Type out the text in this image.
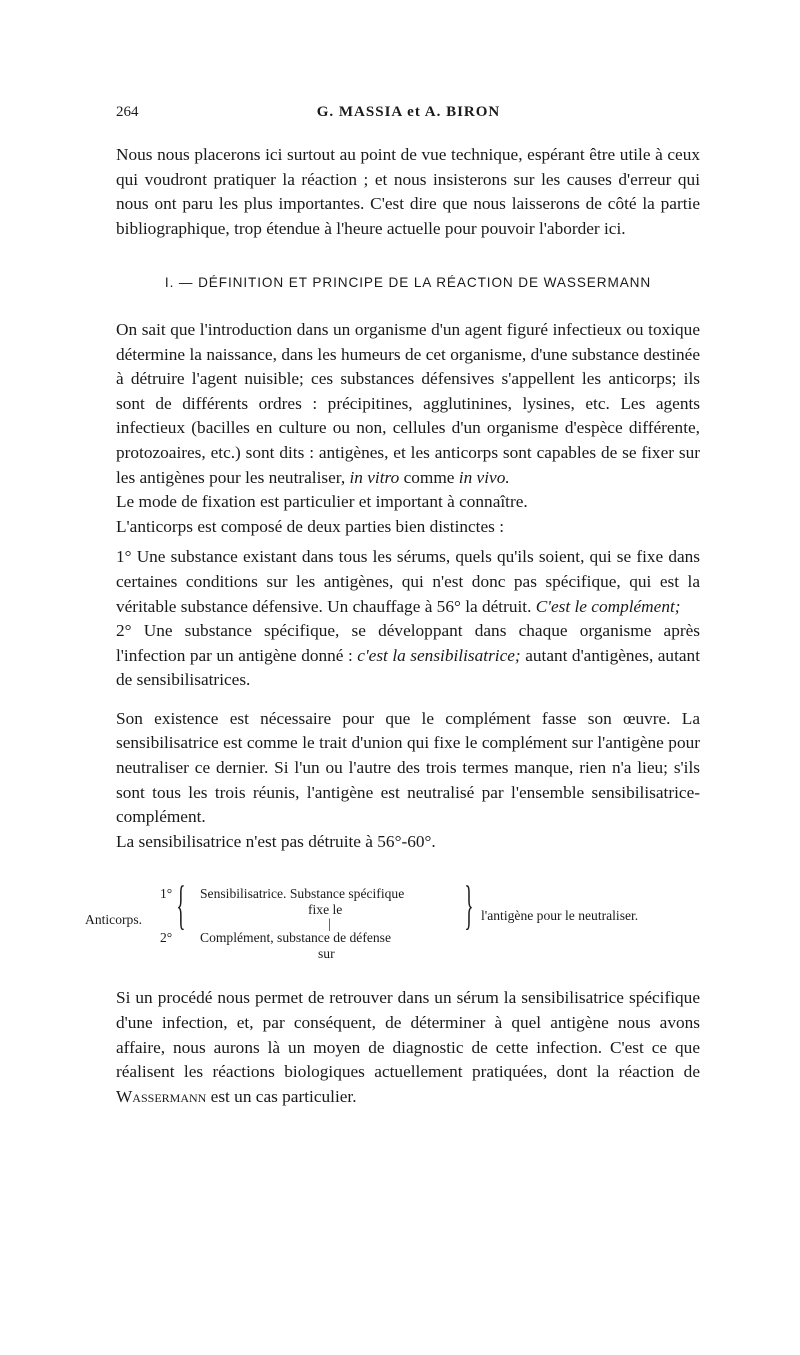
264	G. MASSIA et A. BIRON

Nous nous placerons ici surtout au point de vue technique, espérant être utile à ceux qui voudront pratiquer la réaction ; et nous insisterons sur les causes d'erreur qui nous ont paru les plus importantes. C'est dire que nous laisserons de côté la partie bibliographique, trop étendue à l'heure actuelle pour pouvoir l'aborder ici.

I. — DÉFINITION ET PRINCIPE DE LA RÉACTION DE WASSERMANN

On sait que l'introduction dans un organisme d'un agent figuré infectieux ou toxique détermine la naissance, dans les humeurs de cet organisme, d'une substance destinée à détruire l'agent nuisible; ces substances défensives s'appellent les anticorps; ils sont de différents ordres : précipitines, agglutinines, lysines, etc. Les agents infectieux (bacilles en culture ou non, cellules d'un organisme d'espèce différente, protozoaires, etc.) sont dits : antigènes, et les anticorps sont capables de se fixer sur les antigènes pour les neutraliser, in vitro comme in vivo.

Le mode de fixation est particulier et important à connaître.

L'anticorps est composé de deux parties bien distinctes :

1° Une substance existant dans tous les sérums, quels qu'ils soient, qui se fixe dans certaines conditions sur les antigènes, qui n'est donc pas spécifique, qui est la véritable substance défensive. Un chauffage à 56° la détruit. C'est le complément;

2° Une substance spécifique, se développant dans chaque organisme après l'infection par un antigène donné : c'est la sensibilisatrice; autant d'antigènes, autant de sensibilisatrices.

Son existence est nécessaire pour que le complément fasse son œuvre. La sensibilisatrice est comme le trait d'union qui fixe le complément sur l'antigène pour neutraliser ce dernier. Si l'un ou l'autre des trois termes manque, rien n'a lieu; s'ils sont tous les trois réunis, l'antigène est neutralisé par l'ensemble sensibilisatrice-complément.

La sensibilisatrice n'est pas détruite à 56°-60°.

Anticorps.
1° { Sensibilisatrice. Substance spécifique
fixe le
|
2° Complément, substance de défense
sur
} l'antigène pour le neutraliser.

Si un procédé nous permet de retrouver dans un sérum la sensibilisatrice spécifique d'une infection, et, par conséquent, de déterminer à quel antigène nous avons affaire, nous aurons là un moyen de diagnostic de cette infection. C'est ce que réalisent les réactions biologiques actuellement pratiquées, dont la réaction de Wassermann est un cas particulier.
